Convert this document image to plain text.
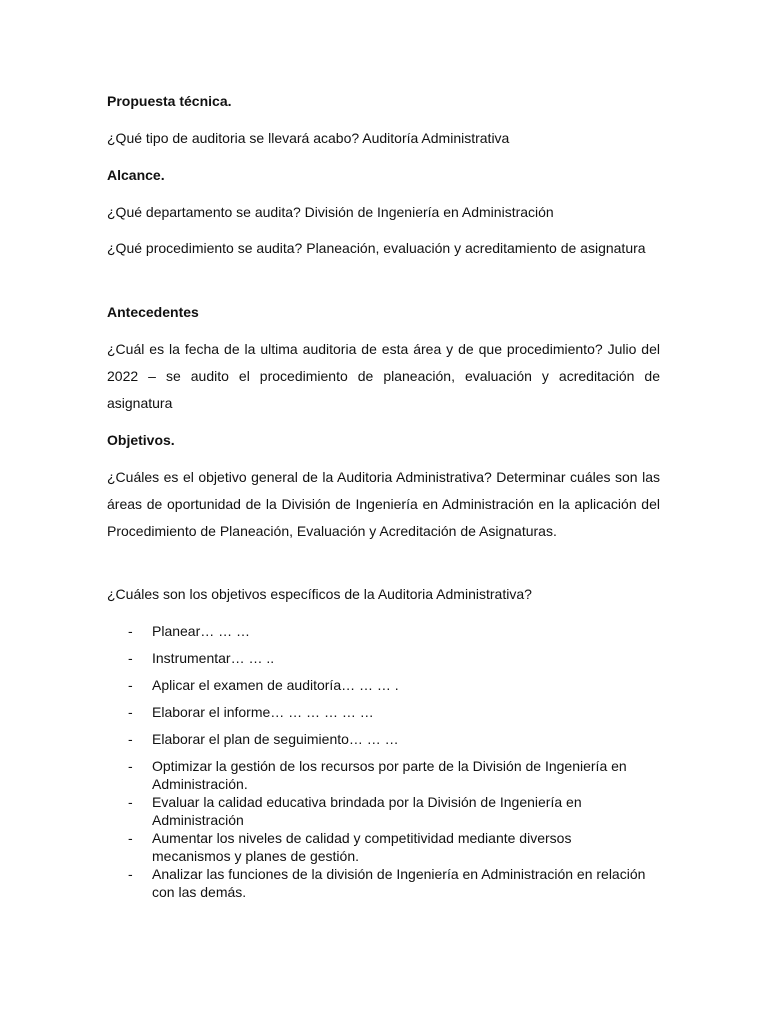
Propuesta técnica.
¿Qué tipo de auditoria se llevará acabo? Auditoría Administrativa
Alcance.
¿Qué departamento se audita? División de Ingeniería en Administración
¿Qué procedimiento se audita? Planeación, evaluación y acreditamiento de asignatura
Antecedentes
¿Cuál es la fecha de la ultima auditoria de esta área y de que procedimiento? Julio del 2022 – se audito el procedimiento de planeación, evaluación y acreditación de asignatura
Objetivos.
¿Cuáles es el objetivo general de la Auditoria Administrativa? Determinar cuáles son las áreas de oportunidad de la División de Ingeniería en Administración en la aplicación del Procedimiento de Planeación, Evaluación y Acreditación de Asignaturas.
¿Cuáles son los objetivos específicos de la Auditoria Administrativa?
- Planear… … …
- Instrumentar… … ..
- Aplicar el examen de auditoría… … … .
- Elaborar el informe… … … … … …
- Elaborar el plan de seguimiento… … …
- Optimizar la gestión de los recursos por parte de la División de Ingeniería en Administración.
- Evaluar la calidad educativa brindada por la División de Ingeniería en Administración
- Aumentar los niveles de calidad y competitividad mediante diversos mecanismos y planes de gestión.
- Analizar las funciones de la división de Ingeniería en Administración en relación con las demás.
